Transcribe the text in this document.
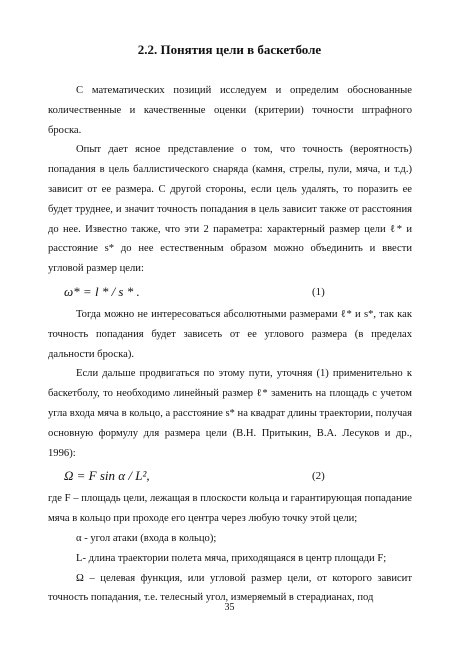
2.2. Понятия цели в баскетболе

С математических позиций исследуем и определим обоснованные количественные и качественные оценки (критерии) точности штрафного броска.

Опыт дает ясное представление о том, что точность (вероятность) попадания в цель баллистического снаряда (камня, стрелы, пули, мяча, и т.д.) зависит от ее размера. С другой стороны, если цель удалять, то поразить ее будет труднее, и значит точность попадания в цель зависит также от расстояния до нее. Известно также, что эти 2 параметра: характерный размер цели ℓ* и расстояние s* до нее естественным образом можно объединить и ввести угловой размер цели:

ω* = l * / s * .	(1)

Тогда можно не интересоваться абсолютными размерами ℓ* и s*, так как точность попадания будет зависеть от ее углового размера (в пределах дальности броска).

Если дальше продвигаться по этому пути, уточняя (1) применительно к баскетболу, то необходимо линейный размер ℓ* заменить на площадь с учетом угла входа мяча в кольцо, а расстояние s* на квадрат длины траектории, получая основную формулу для размера цели (В.Н. Притыкин, В.А. Лесуков и др., 1996):

Ω = F sin α / L²,	(2)

где F – площадь цели, лежащая в плоскости кольца и гарантирующая попадание мяча в кольцо при проходе его центра через любую точку этой цели;

α - угол атаки (входа в кольцо);

L- длина траектории полета мяча, приходящаяся в центр площади F;

Ω – целевая функция, или угловой размер цели, от которого зависит точность попадания, т.е. телесный угол, измеряемый в стерадианах, под

35
